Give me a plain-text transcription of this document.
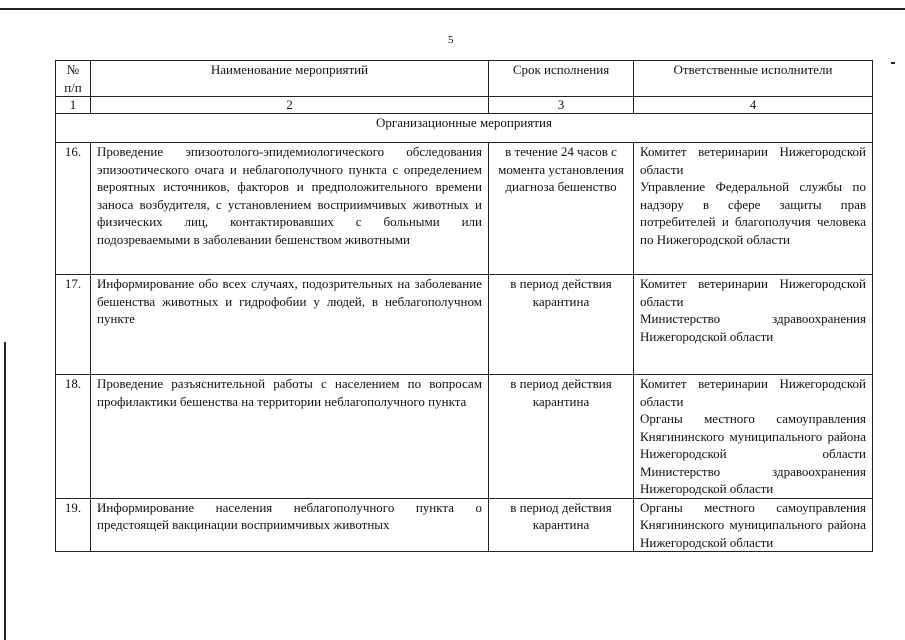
5
№ п/п	Наименование мероприятий	Срок исполнения	Ответственные исполнители
1	2	3	4
Организационные мероприятия			
16.	Проведение эпизоотолого-эпидемиологического обследования эпизоотического очага и неблагополучного пункта с определением вероятных источников, факторов и предположительного времени заноса возбудителя, с установлением восприимчивых животных и физических лиц, контактировавших с больными или подозреваемыми в заболевании бешенством животными	в течение 24 часов с момента установления диагноза бешенство	Комитет ветеринарии Нижегородской области
Управление Федеральной службы по надзору в сфере защиты прав потребителей и благополучия человека по Нижегородской области

17.	Информирование обо всех случаях, подозрительных на заболевание бешенства животных и гидрофобии у людей, в неблагополучном пункте	в период действия карантина	Комитет ветеринарии Нижегородской области
Министерство здравоохранения Нижегородской области

18.	Проведение разъяснительной работы с населением по вопросам профилактики бешенства на территории неблагополучного пункта	в период действия карантина	Комитет ветеринарии Нижегородской области
Органы местного самоуправления Княгининского муниципального района Нижегородской области
Министерство здравоохранения Нижегородской области

19.	Информирование населения неблагополучного пункта о предстоящей вакцинации восприимчивых животных	в период действия карантина	Органы местного самоуправления Княгининского муниципального района Нижегородской области
